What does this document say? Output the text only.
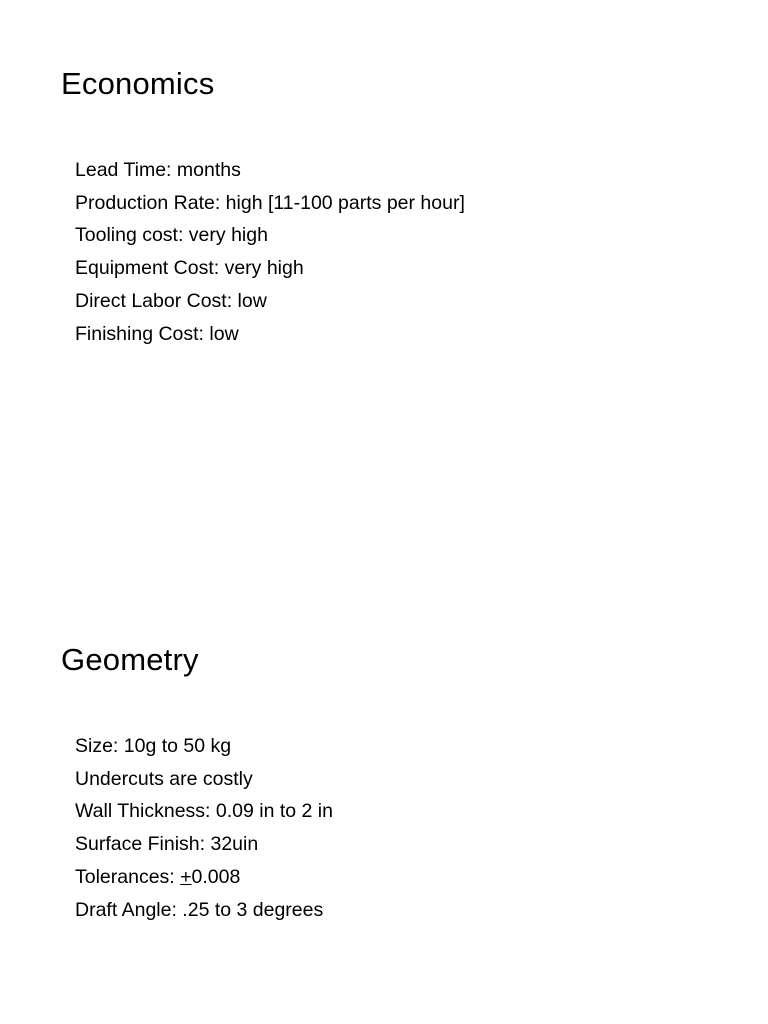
Economics
Lead Time: months
Production Rate: high [11-100 parts per hour]
Tooling cost: very high
Equipment Cost: very high
Direct Labor Cost: low
Finishing Cost: low
Geometry
Size: 10g to 50 kg
Undercuts are costly
Wall Thickness: 0.09 in to 2 in
Surface Finish: 32uin
Tolerances: +0.008
Draft Angle: .25 to 3 degrees
